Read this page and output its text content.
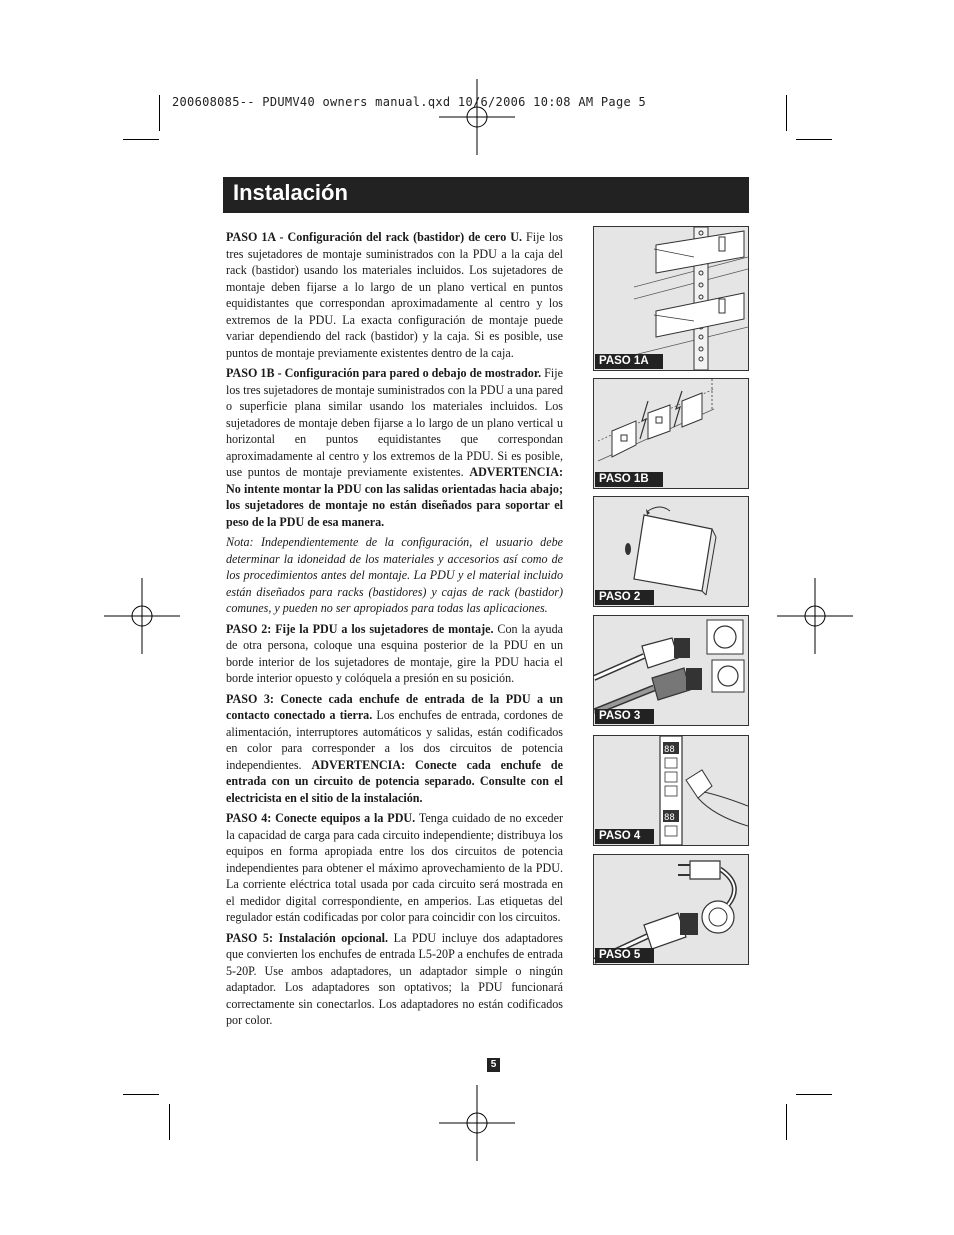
200608085-- PDUMV40 owners manual.qxd 10/6/2006 10:08 AM Page 5
Instalación

PASO 1A - Configuración del rack (bastidor) de cero U. Fije los tres sujetadores de montaje suministrados con la PDU a la caja del rack (bastidor) usando los materiales incluidos. Los sujetadores de montaje deben fijarse a lo largo de un plano vertical en puntos equidistantes que correspondan aproximadamente al centro y los extremos de la PDU. La exacta configuración de montaje puede variar dependiendo del rack (bastidor) y la caja. Si es posible, use puntos de montaje previamente existentes dentro de la caja.

PASO 1B - Configuración para pared o debajo de mostrador. Fije los tres sujetadores de montaje suministrados con la PDU a una pared o superficie plana similar usando los materiales incluidos. Los sujetadores de montaje deben fijarse a lo largo de un plano vertical u horizontal en puntos equidistantes que correspondan aproximadamente al centro y los extremos de la PDU. Si es posible, use puntos de montaje previamente existentes. ADVERTENCIA: No intente montar la PDU con las salidas orientadas hacia abajo; los sujetadores de montaje no están diseñados para soportar el peso de la PDU de esa manera.

Nota: Independientemente de la configuración, el usuario debe determinar la idoneidad de los materiales y accesorios así como de los procedimientos antes del montaje. La PDU y el material incluido están diseñados para racks (bastidores) y cajas de rack (bastidor) comunes, y pueden no ser apropiados para todas las aplicaciones.

PASO 2: Fije la PDU a los sujetadores de montaje. Con la ayuda de otra persona, coloque una esquina posterior de la PDU en un borde interior de los sujetadores de montaje, gire la PDU hacia el borde interior opuesto y colóquela a presión en su posición.

PASO 3: Conecte cada enchufe de entrada de la PDU a un contacto conectado a tierra. Los enchufes de entrada, cordones de alimentación, interruptores automáticos y salidas, están codificados en color para corresponder a los dos circuitos de potencia independientes. ADVERTENCIA: Conecte cada enchufe de entrada con un circuito de potencia separado. Consulte con el electricista en el sitio de la instalación.

PASO 4: Conecte equipos a la PDU. Tenga cuidado de no exceder la capacidad de carga para cada circuito independiente; distribuya los equipos en forma apropiada entre los dos circuitos de potencia independientes para obtener el máximo aprovechamiento de la PDU. La corriente eléctrica total usada por cada circuito será mostrada en el medidor digital correspondiente, en amperios. Las etiquetas del regulador están codificadas por color para coincidir con los circuitos.

PASO 5: Instalación opcional. La PDU incluye dos adaptadores que convierten los enchufes de entrada L5-20P a enchufes de entrada 5-20P. Use ambos adaptadores, un adaptador simple o ningún adaptador. Los adaptadores son optativos; la PDU funcionará correctamente sin conectarlos. Los adaptadores no están codificados por color.

PASO 1A
PASO 1B
PASO 2
PASO 3
88
88
PASO 4
PASO 5
5
